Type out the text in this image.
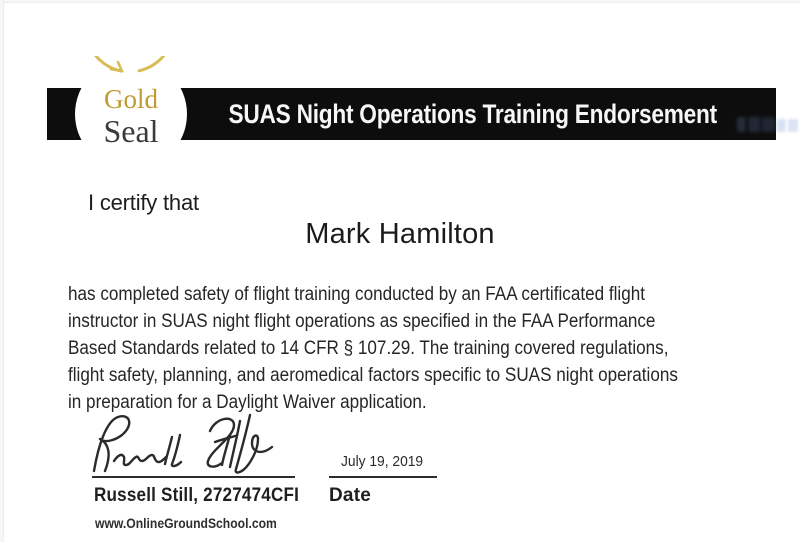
SUAS Night Operations Training Endorsement
Gold
Seal
I certify that
Mark Hamilton
has completed safety of flight training conducted by an FAA certificated flight
instructor in SUAS night flight operations as specified in the FAA Performance
Based Standards related to 14 CFR § 107.29. The training covered regulations,
flight safety, planning, and aeromedical factors specific to SUAS night operations
in preparation for a Daylight Waiver application.
Russell Still, 2727474CFI
www.OnlineGroundSchool.com
July 19, 2019
Date
